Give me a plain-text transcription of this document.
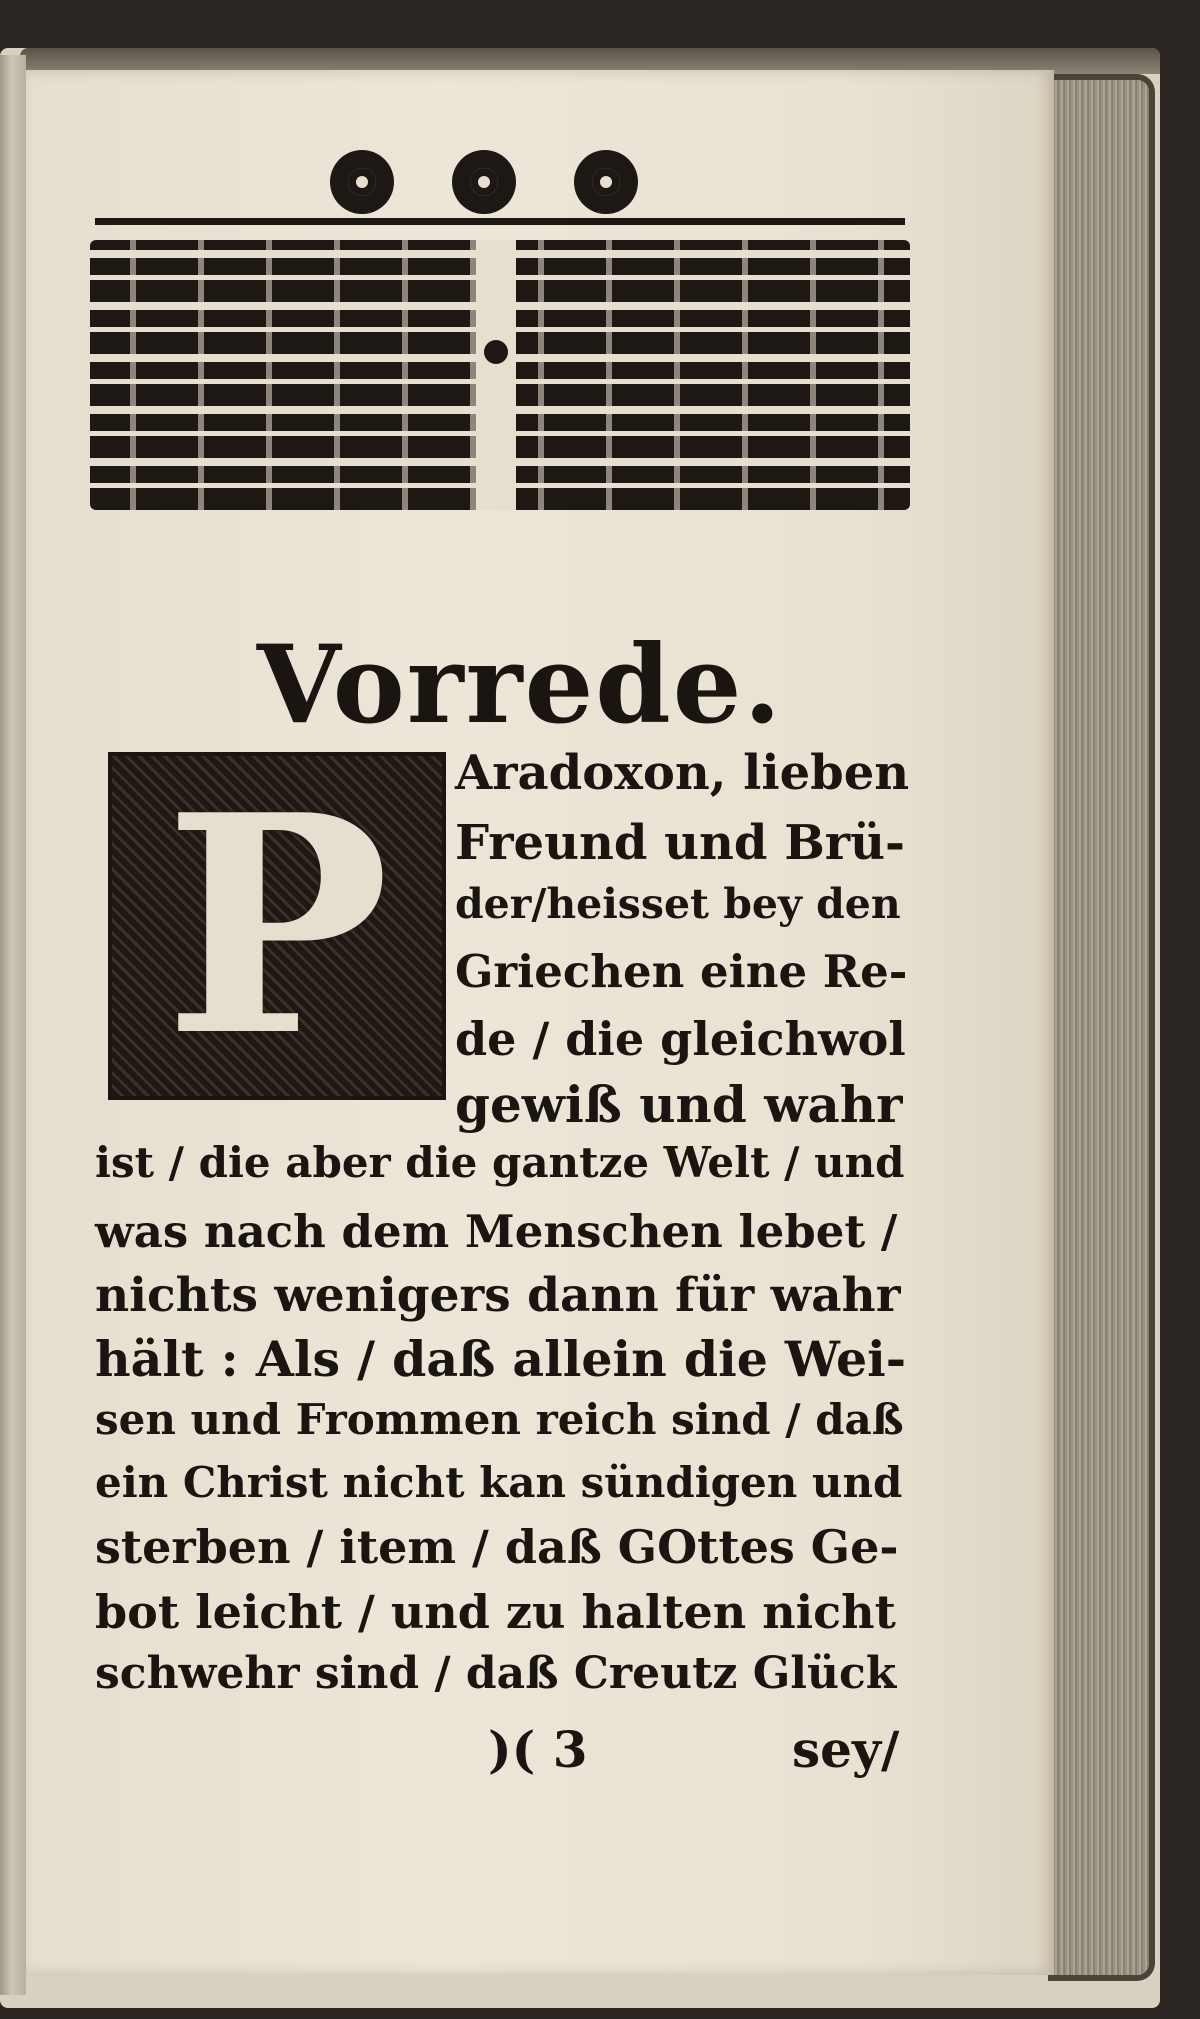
Vorrede.
P	Aradoxon, lieben

Freund und Brü-

der/heisset bey den

Griechen eine Re-

de / die gleichwol

gewiß und wahr

ist / die aber die gantze Welt / und

was nach dem Menschen lebet /

nichts wenigers dann für wahr

hält : Als / daß allein die Wei-

sen und Frommen reich sind / daß

ein Christ nicht kan sündigen und

sterben / item / daß GOttes Ge-

bot leicht / und zu halten nicht

schwehr sind / daß Creutz Glück

)( 3	sey/
